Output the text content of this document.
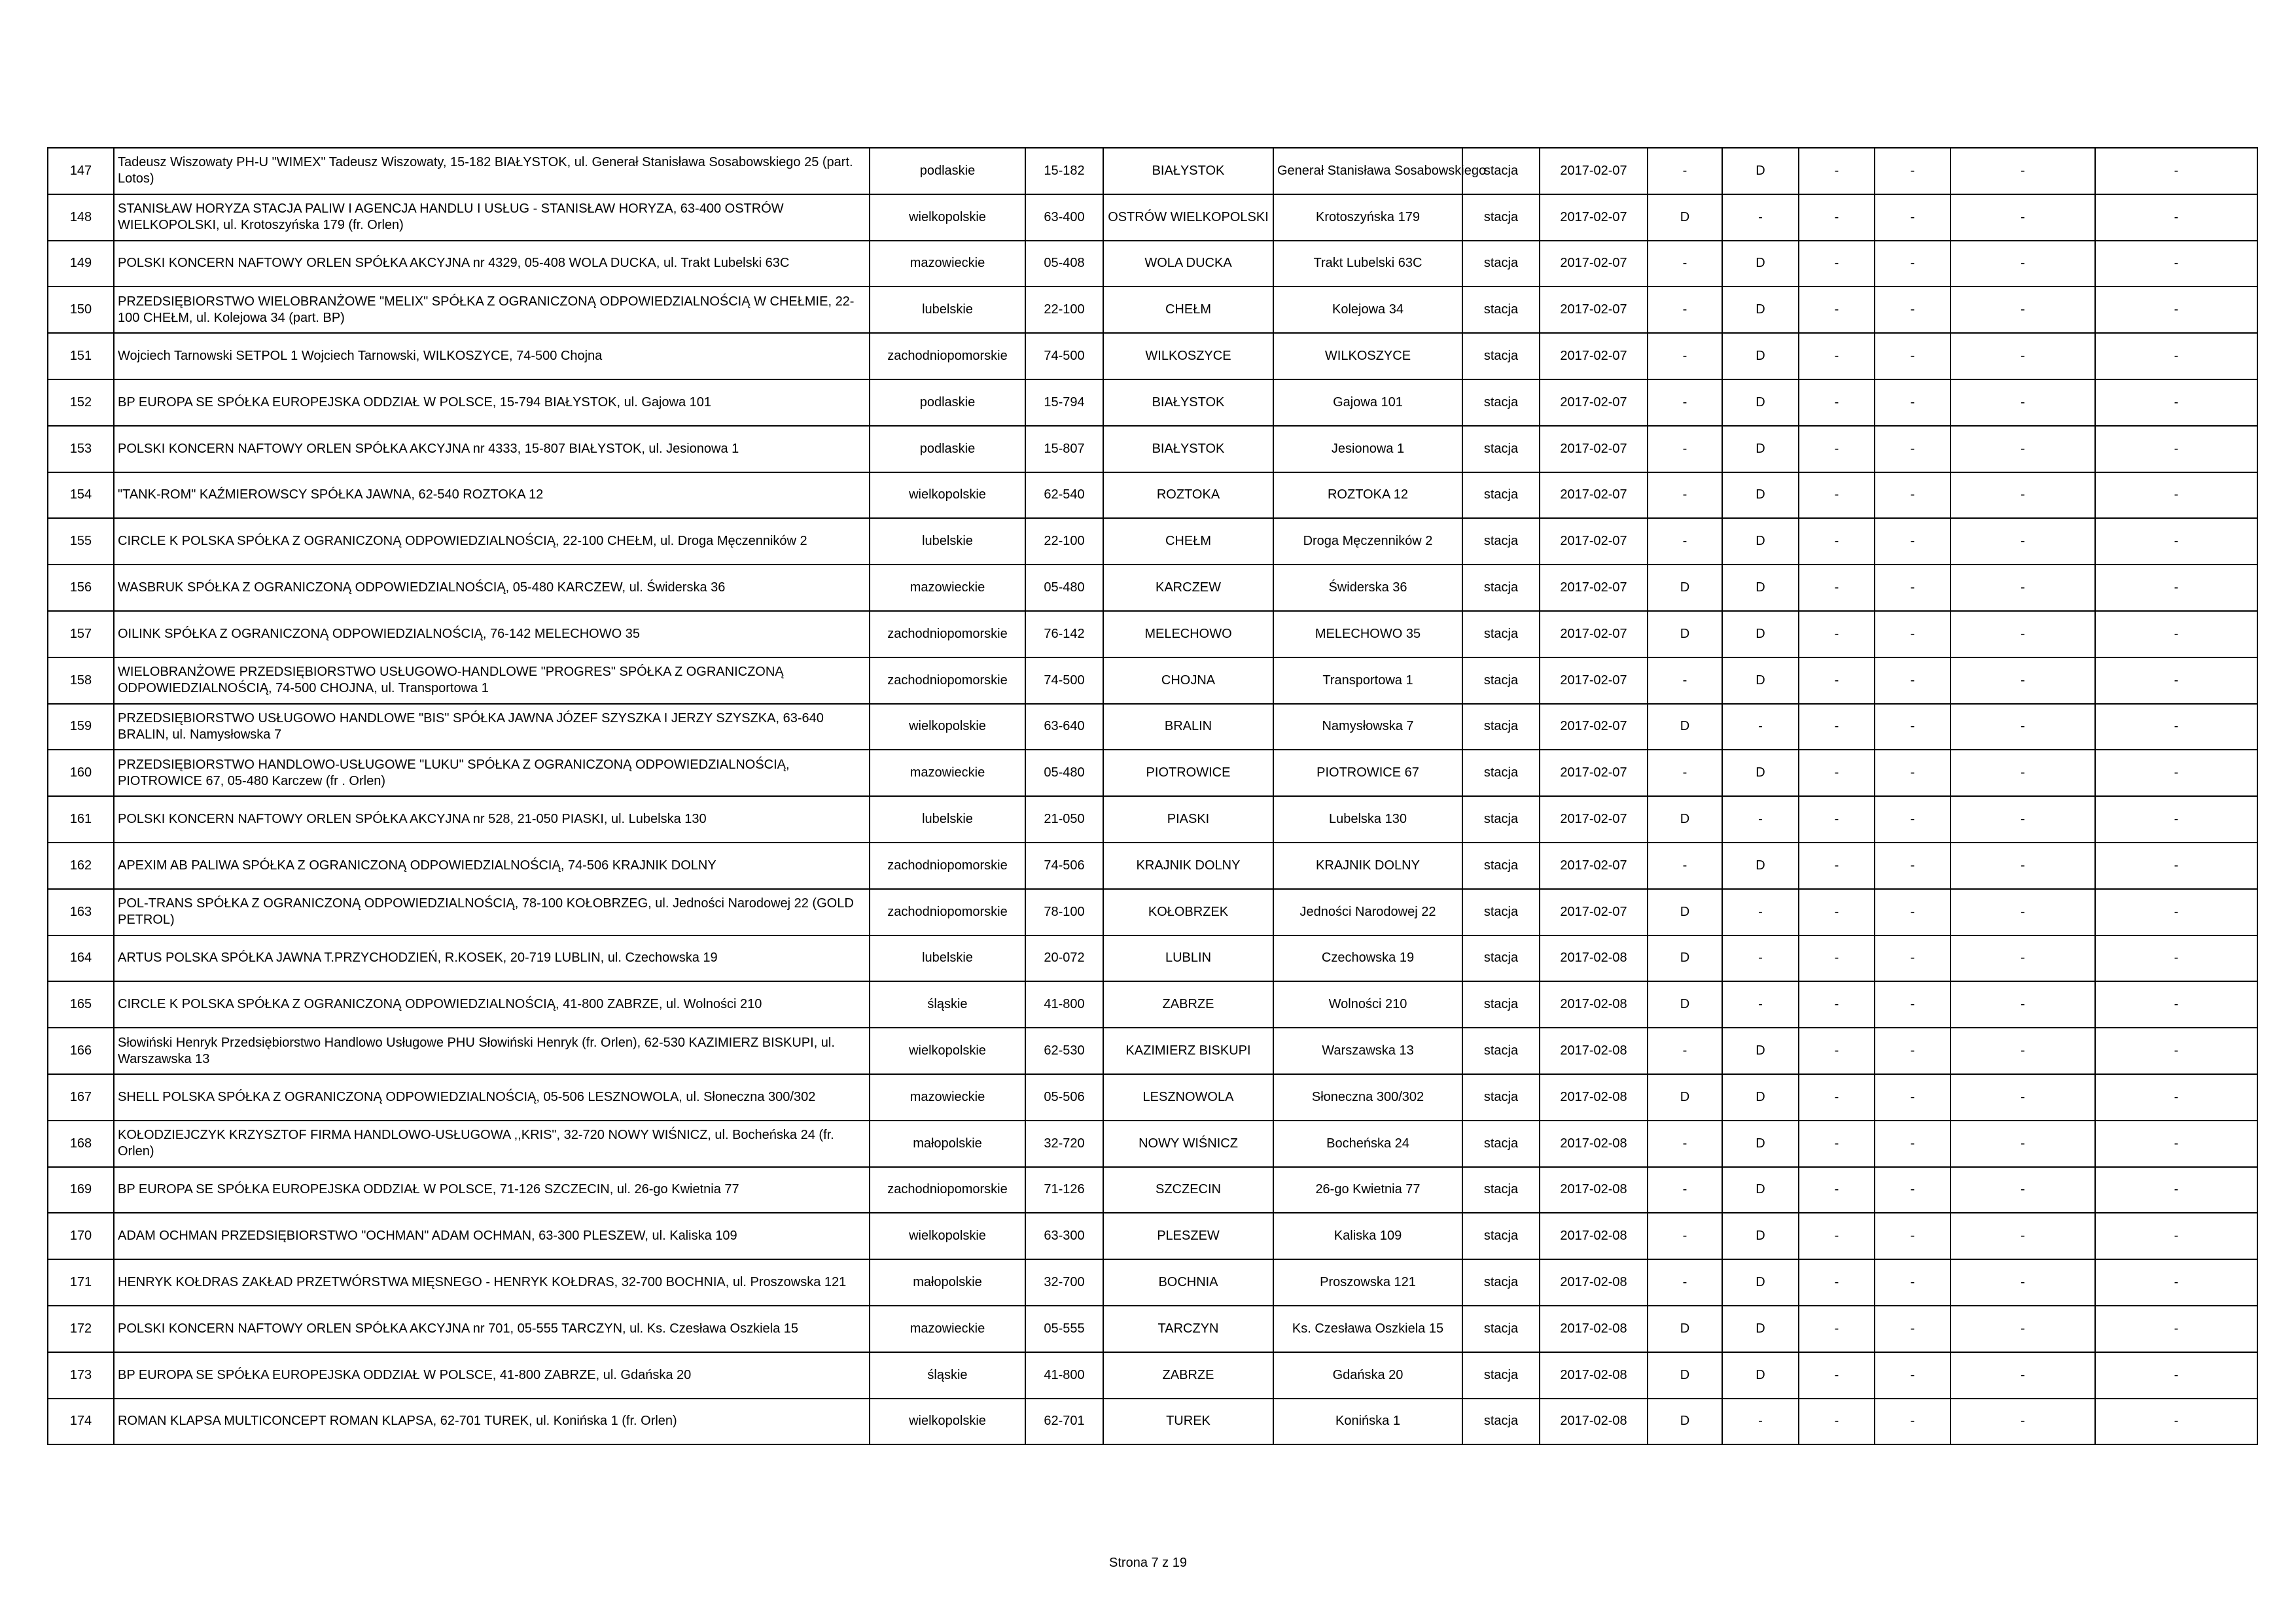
147	Tadeusz Wiszowaty PH-U "WIMEX" Tadeusz Wiszowaty, 15-182 BIAŁYSTOK, ul. Generał Stanisława Sosabowskiego 25 (part. Lotos)	podlaskie	15-182	BIAŁYSTOK	Generał Stanisława Sosabowskiego	stacja	2017-02-07	-	D	-	-	-	-
148	STANISŁAW HORYZA STACJA PALIW I AGENCJA HANDLU I USŁUG - STANISŁAW HORYZA, 63-400 OSTRÓW WIELKOPOLSKI, ul. Krotoszyńska 179 (fr. Orlen)	wielkopolskie	63-400	OSTRÓW WIELKOPOLSKI	Krotoszyńska 179	stacja	2017-02-07	D	-	-	-	-	-
149	POLSKI KONCERN NAFTOWY ORLEN SPÓŁKA AKCYJNA nr 4329, 05-408 WOLA DUCKA, ul. Trakt Lubelski 63C	mazowieckie	05-408	WOLA DUCKA	Trakt Lubelski 63C	stacja	2017-02-07	-	D	-	-	-	-
150	PRZEDSIĘBIORSTWO WIELOBRANŻOWE "MELIX" SPÓŁKA Z OGRANICZONĄ ODPOWIEDZIALNOŚCIĄ W CHEŁMIE, 22-100 CHEŁM, ul. Kolejowa 34 (part. BP)	lubelskie	22-100	CHEŁM	Kolejowa 34	stacja	2017-02-07	-	D	-	-	-	-
151	Wojciech Tarnowski SETPOL 1 Wojciech Tarnowski, WILKOSZYCE, 74-500 Chojna	zachodniopomorskie	74-500	WILKOSZYCE	WILKOSZYCE	stacja	2017-02-07	-	D	-	-	-	-
152	BP EUROPA SE SPÓŁKA EUROPEJSKA ODDZIAŁ W POLSCE, 15-794 BIAŁYSTOK, ul. Gajowa 101	podlaskie	15-794	BIAŁYSTOK	Gajowa 101	stacja	2017-02-07	-	D	-	-	-	-
153	POLSKI KONCERN NAFTOWY ORLEN SPÓŁKA AKCYJNA nr 4333, 15-807 BIAŁYSTOK, ul. Jesionowa 1	podlaskie	15-807	BIAŁYSTOK	Jesionowa 1	stacja	2017-02-07	-	D	-	-	-	-
154	"TANK-ROM" KAŹMIEROWSCY SPÓŁKA JAWNA, 62-540 ROZTOKA 12	wielkopolskie	62-540	ROZTOKA	ROZTOKA 12	stacja	2017-02-07	-	D	-	-	-	-
155	CIRCLE K POLSKA SPÓŁKA Z OGRANICZONĄ ODPOWIEDZIALNOŚCIĄ, 22-100 CHEŁM, ul. Droga Męczenników 2	lubelskie	22-100	CHEŁM	Droga Męczenników 2	stacja	2017-02-07	-	D	-	-	-	-
156	WASBRUK SPÓŁKA Z OGRANICZONĄ ODPOWIEDZIALNOŚCIĄ, 05-480 KARCZEW, ul. Świderska 36	mazowieckie	05-480	KARCZEW	Świderska 36	stacja	2017-02-07	D	D	-	-	-	-
157	OILINK SPÓŁKA Z OGRANICZONĄ ODPOWIEDZIALNOŚCIĄ, 76-142 MELECHOWO 35	zachodniopomorskie	76-142	MELECHOWO	MELECHOWO 35	stacja	2017-02-07	D	D	-	-	-	-
158	WIELOBRANŻOWE PRZEDSIĘBIORSTWO USŁUGOWO-HANDLOWE "PROGRES" SPÓŁKA Z OGRANICZONĄ ODPOWIEDZIALNOŚCIĄ, 74-500 CHOJNA, ul. Transportowa 1	zachodniopomorskie	74-500	CHOJNA	Transportowa 1	stacja	2017-02-07	-	D	-	-	-	-
159	PRZEDSIĘBIORSTWO USŁUGOWO HANDLOWE "BIS" SPÓŁKA JAWNA JÓZEF SZYSZKA I JERZY SZYSZKA, 63-640 BRALIN, ul. Namysłowska 7	wielkopolskie	63-640	BRALIN	Namysłowska 7	stacja	2017-02-07	D	-	-	-	-	-
160	PRZEDSIĘBIORSTWO HANDLOWO-USŁUGOWE "LUKU" SPÓŁKA Z OGRANICZONĄ ODPOWIEDZIALNOŚCIĄ, PIOTROWICE 67, 05-480 Karczew (fr . Orlen)	mazowieckie	05-480	PIOTROWICE	PIOTROWICE 67	stacja	2017-02-07	-	D	-	-	-	-
161	POLSKI KONCERN NAFTOWY ORLEN SPÓŁKA AKCYJNA nr 528, 21-050 PIASKI, ul. Lubelska 130	lubelskie	21-050	PIASKI	Lubelska 130	stacja	2017-02-07	D	-	-	-	-	-
162	APEXIM AB PALIWA SPÓŁKA Z OGRANICZONĄ ODPOWIEDZIALNOŚCIĄ, 74-506 KRAJNIK DOLNY	zachodniopomorskie	74-506	KRAJNIK DOLNY	KRAJNIK DOLNY	stacja	2017-02-07	-	D	-	-	-	-
163	POL-TRANS SPÓŁKA Z OGRANICZONĄ ODPOWIEDZIALNOŚCIĄ, 78-100 KOŁOBRZEG, ul. Jedności Narodowej 22 (GOLD PETROL)	zachodniopomorskie	78-100	KOŁOBRZEK	Jedności Narodowej 22	stacja	2017-02-07	D	-	-	-	-	-
164	ARTUS POLSKA SPÓŁKA JAWNA T.PRZYCHODZIEŃ, R.KOSEK, 20-719 LUBLIN, ul. Czechowska 19	lubelskie	20-072	LUBLIN	Czechowska 19	stacja	2017-02-08	D	-	-	-	-	-
165	CIRCLE K POLSKA SPÓŁKA Z OGRANICZONĄ ODPOWIEDZIALNOŚCIĄ, 41-800 ZABRZE, ul. Wolności 210	śląskie	41-800	ZABRZE	Wolności 210	stacja	2017-02-08	D	-	-	-	-	-
166	Słowiński Henryk Przedsiębiorstwo Handlowo Usługowe PHU Słowiński Henryk (fr. Orlen), 62-530 KAZIMIERZ BISKUPI, ul. Warszawska 13	wielkopolskie	62-530	KAZIMIERZ BISKUPI	Warszawska 13	stacja	2017-02-08	-	D	-	-	-	-
167	SHELL POLSKA SPÓŁKA Z OGRANICZONĄ ODPOWIEDZIALNOŚCIĄ, 05-506 LESZNOWOLA, ul. Słoneczna 300/302	mazowieckie	05-506	LESZNOWOLA	Słoneczna 300/302	stacja	2017-02-08	D	D	-	-	-	-
168	KOŁODZIEJCZYK KRZYSZTOF FIRMA HANDLOWO-USŁUGOWA ,,KRIS", 32-720 NOWY WIŚNICZ, ul. Bocheńska 24 (fr. Orlen)	małopolskie	32-720	NOWY WIŚNICZ	Bocheńska 24	stacja	2017-02-08	-	D	-	-	-	-
169	BP EUROPA SE SPÓŁKA EUROPEJSKA ODDZIAŁ W POLSCE, 71-126 SZCZECIN, ul. 26-go Kwietnia 77	zachodniopomorskie	71-126	SZCZECIN	26-go Kwietnia 77	stacja	2017-02-08	-	D	-	-	-	-
170	ADAM OCHMAN PRZEDSIĘBIORSTWO "OCHMAN" ADAM OCHMAN, 63-300 PLESZEW, ul. Kaliska 109	wielkopolskie	63-300	PLESZEW	Kaliska 109	stacja	2017-02-08	-	D	-	-	-	-
171	HENRYK KOŁDRAS ZAKŁAD PRZETWÓRSTWA MIĘSNEGO - HENRYK KOŁDRAS, 32-700 BOCHNIA, ul. Proszowska 121	małopolskie	32-700	BOCHNIA	Proszowska 121	stacja	2017-02-08	-	D	-	-	-	-
172	POLSKI KONCERN NAFTOWY ORLEN SPÓŁKA AKCYJNA nr 701, 05-555 TARCZYN, ul. Ks. Czesława Oszkiela 15	mazowieckie	05-555	TARCZYN	Ks. Czesława Oszkiela 15	stacja	2017-02-08	D	D	-	-	-	-
173	BP EUROPA SE SPÓŁKA EUROPEJSKA ODDZIAŁ W POLSCE, 41-800 ZABRZE, ul. Gdańska 20	śląskie	41-800	ZABRZE	Gdańska 20	stacja	2017-02-08	D	D	-	-	-	-
174	ROMAN KLAPSA MULTICONCEPT ROMAN KLAPSA, 62-701 TUREK, ul. Konińska 1 (fr. Orlen)	wielkopolskie	62-701	TUREK	Konińska 1	stacja	2017-02-08	D	-	-	-	-	-
Strona 7 z 19
